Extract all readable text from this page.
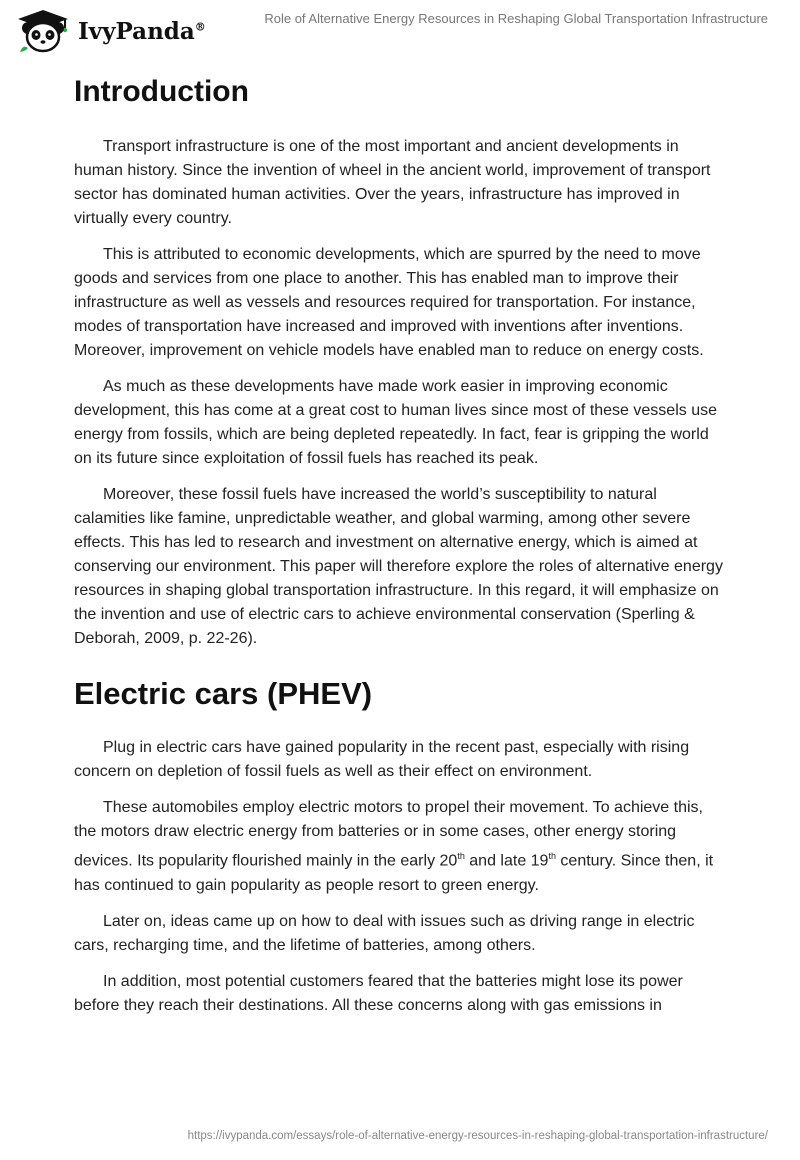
IvyPanda®
Role of Alternative Energy Resources in Reshaping Global Transportation Infrastructure
Introduction

Transport infrastructure is one of the most important and ancient developments in human history. Since the invention of wheel in the ancient world, improvement of transport sector has dominated human activities. Over the years, infrastructure has improved in virtually every country.

This is attributed to economic developments, which are spurred by the need to move goods and services from one place to another. This has enabled man to improve their infrastructure as well as vessels and resources required for transportation. For instance, modes of transportation have increased and improved with inventions after inventions. Moreover, improvement on vehicle models have enabled man to reduce on energy costs.

As much as these developments have made work easier in improving economic development, this has come at a great cost to human lives since most of these vessels use energy from fossils, which are being depleted repeatedly. In fact, fear is gripping the world on its future since exploitation of fossil fuels has reached its peak.

Moreover, these fossil fuels have increased the world’s susceptibility to natural calamities like famine, unpredictable weather, and global warming, among other severe effects. This has led to research and investment on alternative energy, which is aimed at conserving our environment. This paper will therefore explore the roles of alternative energy resources in shaping global transportation infrastructure. In this regard, it will emphasize on the invention and use of electric cars to achieve environmental conservation (Sperling & Deborah, 2009, p. 22-26).

Electric cars (PHEV)

Plug in electric cars have gained popularity in the recent past, especially with rising concern on depletion of fossil fuels as well as their effect on environment.

These automobiles employ electric motors to propel their movement. To achieve this, the motors draw electric energy from batteries or in some cases, other energy storing devices. Its popularity flourished mainly in the early 20th and late 19th century. Since then, it has continued to gain popularity as people resort to green energy.

Later on, ideas came up on how to deal with issues such as driving range in electric cars, recharging time, and the lifetime of batteries, among others.

In addition, most potential customers feared that the batteries might lose its power before they reach their destinations. All these concerns along with gas emissions in

https://ivypanda.com/essays/role-of-alternative-energy-resources-in-reshaping-global-transportation-infrastructure/
